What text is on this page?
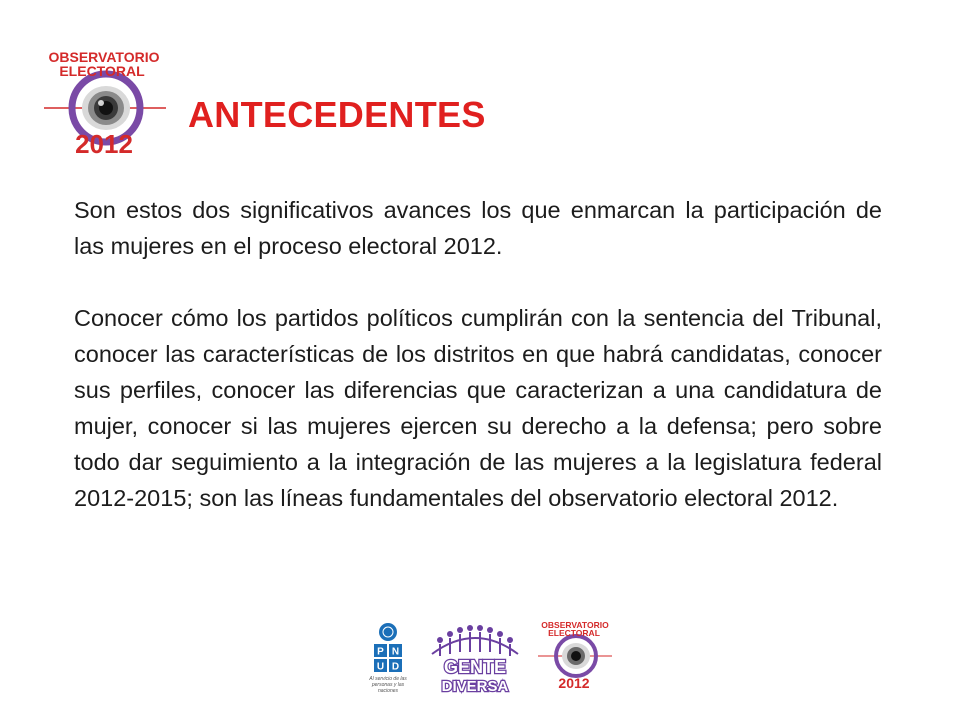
OBSERVATORIO
ELECTORAL
2012
ANTECEDENTES

Son estos dos significativos avances los que enmarcan la participación de las mujeres en el proceso electoral 2012.

Conocer cómo los partidos políticos cumplirán con la sentencia del Tribunal, conocer las características de los distritos en que habrá candidatas, conocer sus perfiles, conocer las diferencias que caracterizan a una candidatura de mujer, conocer si las mujeres ejercen su derecho a la defensa; pero sobre todo dar seguimiento a la integración de las mujeres a la legislatura federal 2012-2015; son las líneas fundamentales del observatorio electoral 2012.

P N
U D
Al servicio de las personas y las naciones
GENTE
DIVERSA
OBSERVATORIO
ELECTORAL
2012
